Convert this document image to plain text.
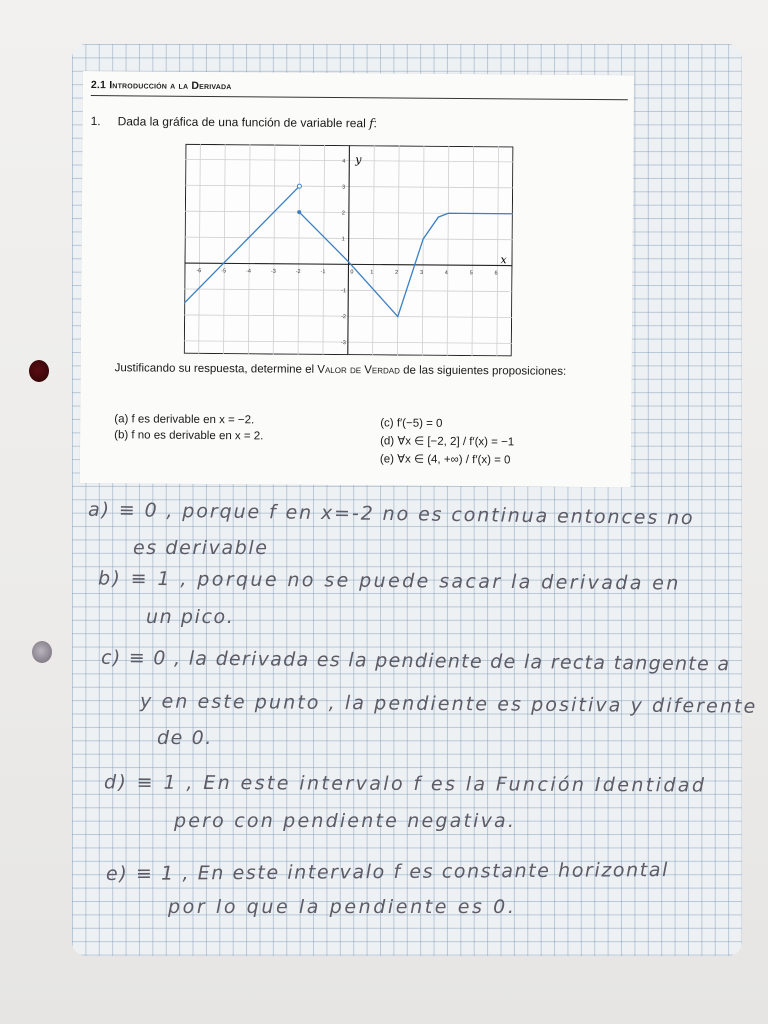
2.1 Introducción a la Derivada
1. Dada la gráfica de una función de variable real f:
-6	-5	-4	-3	-2	-1	0	1	2	3	4	5	6
4
3
2
1
-1
-2
-3
y
x
Justificando su respuesta, determine el Valor de Verdad de las siguientes proposiciones:
(a) f es derivable en x = −2.
(b) f no es derivable en x = 2.
(c) f′(−5) = 0
(d) ∀x ∈ [−2, 2] / f′(x) = −1
(e) ∀x ∈ (4, +∞) / f′(x) = 0
a) ≡ 0 , porque f en x=-2 no es continua entonces no
es derivable
b) ≡ 1 , porque no se puede sacar la derivada en
un pico.
c) ≡ 0 , la derivada es la pendiente de la recta tangente a
y en este punto , la pendiente es positiva y diferente
de 0.
d) ≡ 1 , En este intervalo f es la Función Identidad
pero con pendiente negativa.
e) ≡ 1 , En este intervalo f es constante horizontal
por lo que la pendiente es 0.
